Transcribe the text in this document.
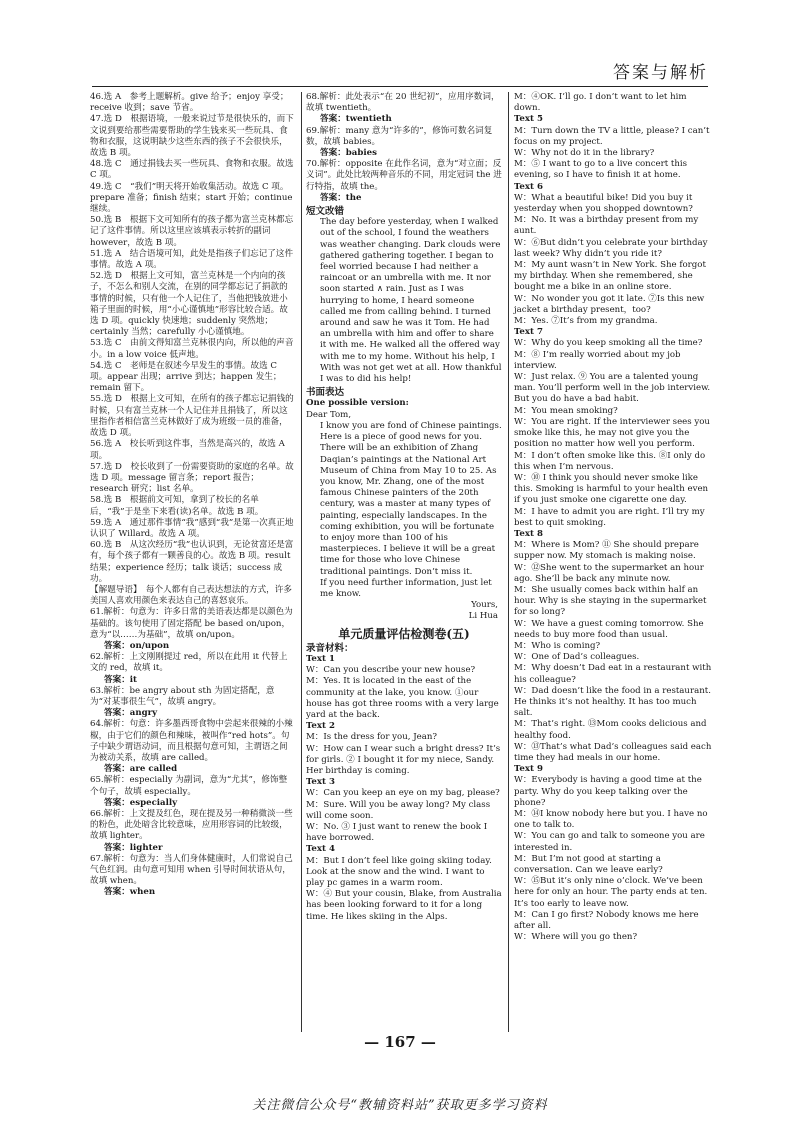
答案与解析

46.选 A　参考上题解析。give 给予；enjoy 享受；receive 收到；save 节省。

47.选 D　根据语境，一般来说过节是很快乐的，而下文说到要给那些需要帮助的学生钱来买一些玩具、食物和衣服，这说明缺少这些东西的孩子不会很快乐，故选 B 项。

48.选 C　通过捐钱去买一些玩具、食物和衣服。故选 C 项。

49.选 C　“我们”明天将开始收集活动。故选 C 项。prepare 准备；finish 结束；start 开始；continue 继续。

50.选 B　根据下文可知所有的孩子都为富兰克林都忘记了这件事情。所以这里应该填表示转折的副词 however，故选 B 项。

51.选 A　结合语境可知，此处是指孩子们忘记了这件事情。故选 A 项。

52.选 D　根据上文可知，富兰克林是一个内向的孩子，不怎么和别人交流，在别的同学都忘记了捐款的事情的时候，只有他一个人记住了，当他把钱放进小箱子里面的时候，用“小心谨慎地”形容比较合适。故选 D 项。quickly 快速地；suddenly 突然地；certainly 当然；carefully 小心谨慎地。

53.选 C　由前文得知富兰克林很内向，所以他的声音小。in a low voice 低声地。

54.选 C　老师是在叙述今早发生的事情。故选 C 项。appear 出现；arrive 到达；happen 发生；remain 留下。

55.选 D　根据上文可知，在所有的孩子都忘记捐钱的时候，只有富兰克林一个人记住并且捐钱了，所以这里指作者相信富兰克林做好了成为班级一员的准备，故选 D 项。

56.选 A　校长听到这件事，当然是高兴的，故选 A 项。

57.选 D　校长收到了一份需要资助的家庭的名单。故选 D 项。message 留言条；report 报告；research 研究；list 名单。

58.选 B　根据前文可知，拿到了校长的名单后，“我”于是坐下来看(读)名单。故选 B 项。

59.选 A　通过那件事情“我”感到“我”是第一次真正地认识了 Willard。故选 A 项。

60.选 B　从这次经历“我”也认识到，无论贫富还是富有，每个孩子都有一颗善良的心。故选 B 项。result 结果；experience 经历；talk 谈话；success 成功。

【解题导语】　每个人都有自己表达想法的方式，许多美国人喜欢用颜色来表达自己的喜怒哀乐。

61.解析：句意为：许多日常的美语表达都是以颜色为基础的。该句使用了固定搭配 be based on/upon，意为“以……为基础”，故填 on/upon。

答案：on/upon

62.解析：上文刚刚提过 red，所以在此用 it 代替上文的 red，故填 it。

答案：it

63.解析：be angry about sth 为固定搭配，意为“对某事很生气”，故填 angry。

答案：angry

64.解析：句意：许多墨西哥食物中尝起来很辣的小辣椒，由于它们的颜色和辣味，被叫作“red hots”。句子中缺少谓语动词，而且根据句意可知，主谓语之间为被动关系，故填 are called。

答案：are called

65.解析：especially 为副词，意为“尤其”，修饰整个句子，故填 especially。

答案：especially

66.解析：上文提及红色，现在提及另一种稍微淡一些的粉色，此处暗含比较意味，应用形容词的比较级，故填 lighter。

答案：lighter

67.解析：句意为：当人们身体健康时，人们常说自己气色红润。由句意可知用 when 引导时间状语从句，故填 when。

答案：when

68.解析：此处表示“在 20 世纪初”，应用序数词，故填 twentieth。

答案：twentieth

69.解析：many 意为“许多的”，修饰可数名词复数，故填 babies。

答案：babies

70.解析：opposite 在此作名词，意为“对立面；反义词”。此处比较两种音乐的不同，用定冠词 the 进行特指，故填 the。

答案：the

短文改错

The day before yesterday, when I walked out of the school, I found the weathers was weather changing. Dark clouds were gathered gathering together. I began to feel worried because I had neither a raincoat or an umbrella with me. It nor soon started ∧ rain. Just as I was hurrying to home, I heard someone called me from calling behind. I turned around and saw he was it Tom. He had an umbrella with him and offer to share it with me. He walked all the offered way with me to my home. Without his help, I With was not get wet at all. How thankful I was to did his help!

书面表达

One possible version:

Dear Tom,

I know you are fond of Chinese paintings. Here is a piece of good news for you.

There will be an exhibition of Zhang Daqian’s paintings at the National Art Museum of China from May 10 to 25. As you know, Mr. Zhang, one of the most famous Chinese painters of the 20th century, was a master at many types of painting, especially landscapes. In the coming exhibition, you will be fortunate to enjoy more than 100 of his masterpieces. I believe it will be a great time for those who love Chinese traditional paintings. Don’t miss it.

If you need further information, just let me know.

Yours,

Li Hua

单元质量评估检测卷(五)

录音材料：

Text 1

W：Can you describe your new house?

M：Yes. It is located in the east of the community at the lake, you know. ①our house has got three rooms with a very large yard at the back.

Text 2

M：Is the dress for you, Jean?

W：How can I wear such a bright dress? It’s for girls. ② I bought it for my niece, Sandy. Her birthday is coming.

Text 3

W：Can you keep an eye on my bag, please?

M：Sure. Will you be away long? My class will come soon.

W：No. ③ I just want to renew the book I have borrowed.

Text 4

M：But I don’t feel like going skiing today. Look at the snow and the wind. I want to play pc games in a warm room.

W：④ But your cousin, Blake, from Australia has been looking forward to it for a long time. He likes skiing in the Alps.

M：④OK. I’ll go. I don’t want to let him down.

Text 5

M：Turn down the TV a little, please? I can’t focus on my project.

W：Why not do it in the library?

M：⑤ I want to go to a live concert this evening, so I have to finish it at home.

Text 6

W：What a beautiful bike! Did you buy it yesterday when you shopped downtown?

M：No. It was a birthday present from my aunt.

W：⑥But didn’t you celebrate your birthday last week? Why didn’t you ride it?

M：My aunt wasn’t in New York. She forgot my birthday. When she remembered, she bought me a bike in an online store.

W：No wonder you got it late. ⑦Is this new jacket a birthday present，too?

M：Yes. ⑦It’s from my grandma.

Text 7

W：Why do you keep smoking all the time?

M：⑧ I’m really worried about my job interview.

W：Just relax. ⑨ You are a talented young man. You’ll perform well in the job interview. But you do have a bad habit.

M：You mean smoking?

W：You are right. If the interviewer sees you smoke like this, he may not give you the position no matter how well you perform.

M：I don’t often smoke like this. ⑧I only do this when I’m nervous.

W：⑩ I think you should never smoke like this. Smoking is harmful to your health even if you just smoke one cigarette one day.

M：I have to admit you are right. I’ll try my best to quit smoking.

Text 8

M：Where is Mom? ⑪ She should prepare supper now. My stomach is making noise.

W：⑫She went to the supermarket an hour ago. She’ll be back any minute now.

M：She usually comes back within half an hour. Why is she staying in the supermarket for so long?

W：We have a guest coming tomorrow. She needs to buy more food than usual.

M：Who is coming?

W：One of Dad’s colleagues.

M：Why doesn’t Dad eat in a restaurant with his colleague?

W：Dad doesn’t like the food in a restaurant. He thinks it’s not healthy. It has too much salt.

M：That’s right. ⑬Mom cooks delicious and healthy food.

W：⑬That’s what Dad’s colleagues said each time they had meals in our home.

Text 9

W：Everybody is having a good time at the party. Why do you keep talking over the phone?

M：⑭I know nobody here but you. I have no one to talk to.

W：You can go and talk to someone you are interested in.

M：But I’m not good at starting a conversation. Can we leave early?

W：⑮But it’s only nine o’clock. We’ve been here for only an hour. The party ends at ten. It’s too early to leave now.

M：Can I go first? Nobody knows me here after all.

W：Where will you go then?

— 167 —
关注微信公众号“教辅资料站”获取更多学习资料
